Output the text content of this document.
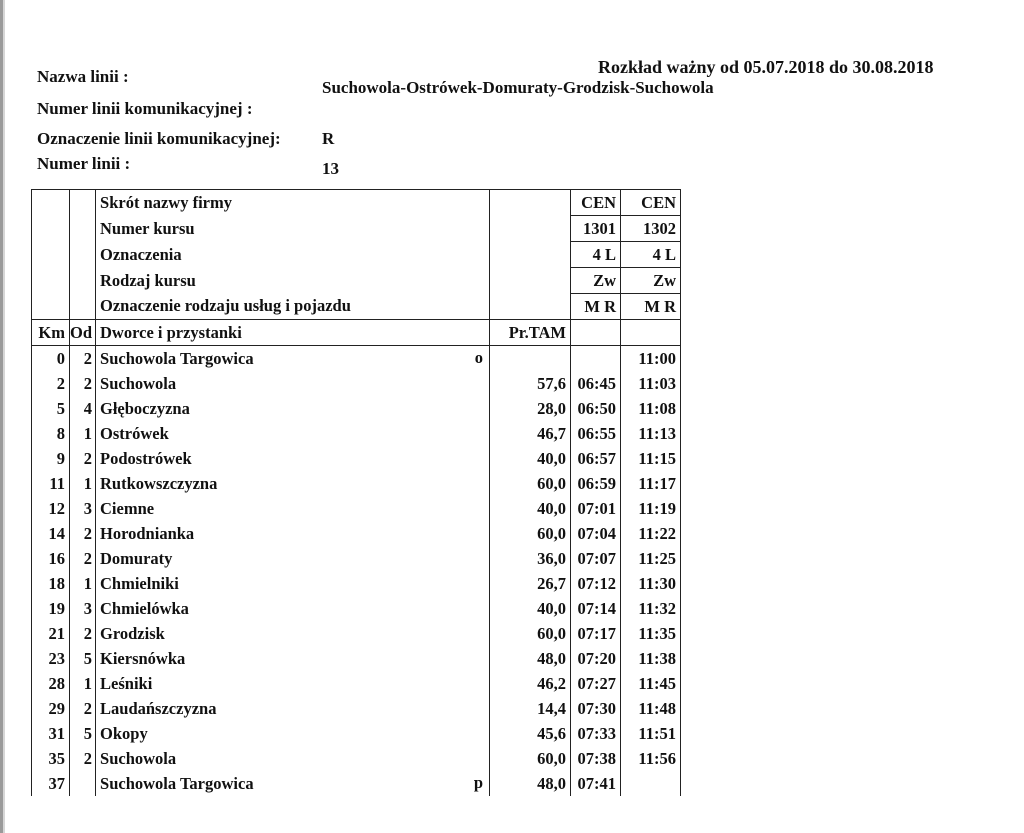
Rozkład ważny od 05.07.2018 do 30.08.2018
Nazwa linii :
Suchowola-Ostrówek-Domuraty-Grodzisk-Suchowola
Numer linii komunikacyjnej :
Oznaczenie linii komunikacyjnej: R
Numer linii :	13
		Skrót nazwy firmy		CEN	CEN
		Numer kursu		1301	1302
		Oznaczenia		4 L	4 L
		Rodzaj kursu		Zw	Zw
		Oznaczenie rodzaju usług i pojazdu		M R	M R
Km	Od	Dworce i przystanki	Pr.TAM		
0	2	Suchowola Targowica o			11:00
2	2	Suchowola	57,6	06:45	11:03
5	4	Głęboczyzna	28,0	06:50	11:08
8	1	Ostrówek	46,7	06:55	11:13
9	2	Podostrówek	40,0	06:57	11:15
11	1	Rutkowszczyzna	60,0	06:59	11:17
12	3	Ciemne	40,0	07:01	11:19
14	2	Horodnianka	60,0	07:04	11:22
16	2	Domuraty	36,0	07:07	11:25
18	1	Chmielniki	26,7	07:12	11:30
19	3	Chmielówka	40,0	07:14	11:32
21	2	Grodzisk	60,0	07:17	11:35
23	5	Kiersnówka	48,0	07:20	11:38
28	1	Leśniki	46,2	07:27	11:45
29	2	Laudańszczyzna	14,4	07:30	11:48
31	5	Okopy	45,6	07:33	11:51
35	2	Suchowola	60,0	07:38	11:56
37		Suchowola Targowica p	48,0	07:41	
